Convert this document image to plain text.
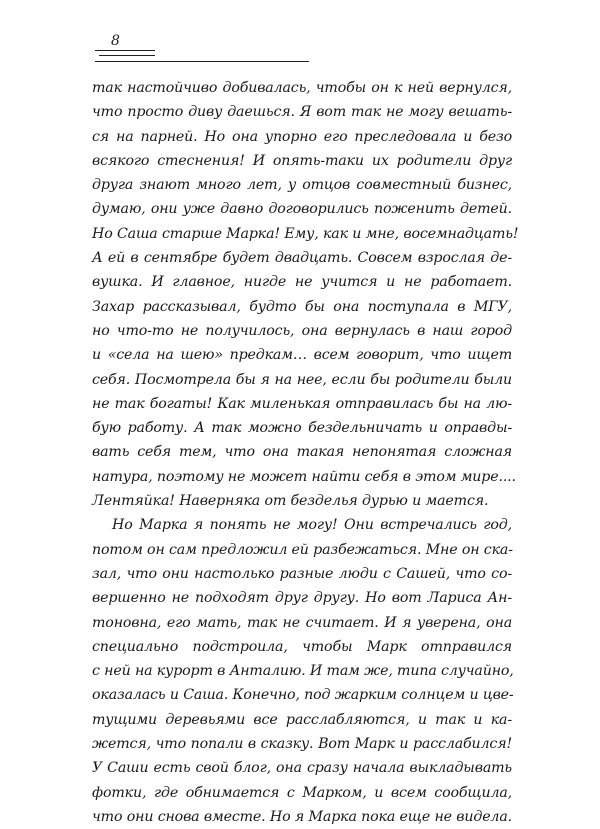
8
так настойчиво добивалась, чтобы он к ней вернулся,
что просто диву даешься. Я вот так не могу вешать-
ся на парней. Но она упорно его преследовала и безо
всякого стеснения! И опять-таки их родители друг
друга знают много лет, у отцов совместный бизнес,
думаю, они уже давно договорились поженить детей.
Но Саша старше Марка! Ему, как и мне, восемнадцать!
А ей в сентябре будет двадцать. Совсем взрослая де-
вушка. И главное, нигде не учится и не работает.
Захар рассказывал, будто бы она поступала в МГУ,
но что-то не получилось, она вернулась в наш город
и «села на шею» предкам… всем говорит, что ищет
себя. Посмотрела бы я на нее, если бы родители были
не так богаты! Как миленькая отправилась бы на лю-
бую работу. А так можно бездельничать и оправды-
вать себя тем, что она такая непонятая сложная
натура, поэтому не может найти себя в этом мире....
Лентяйка! Наверняка от безделья дурью и мается.
Но Марка я понять не могу! Они встречались год,
потом он сам предложил ей разбежаться. Мне он ска-
зал, что они настолько разные люди с Сашей, что со-
вершенно не подходят друг другу. Но вот Лариса Ан-
тоновна, его мать, так не считает. И я уверена, она
специально подстроила, чтобы Марк отправился
с ней на курорт в Анталию. И там же, типа случайно,
оказалась и Саша. Конечно, под жарким солнцем и цве-
тущими деревьями все расслабляются, и так и ка-
жется, что попали в сказку. Вот Марк и расслабился!
У Саши есть свой блог, она сразу начала выкладывать
фотки, где обнимается с Марком, и всем сообщила,
что они снова вместе. Но я Марка пока еще не видела.
